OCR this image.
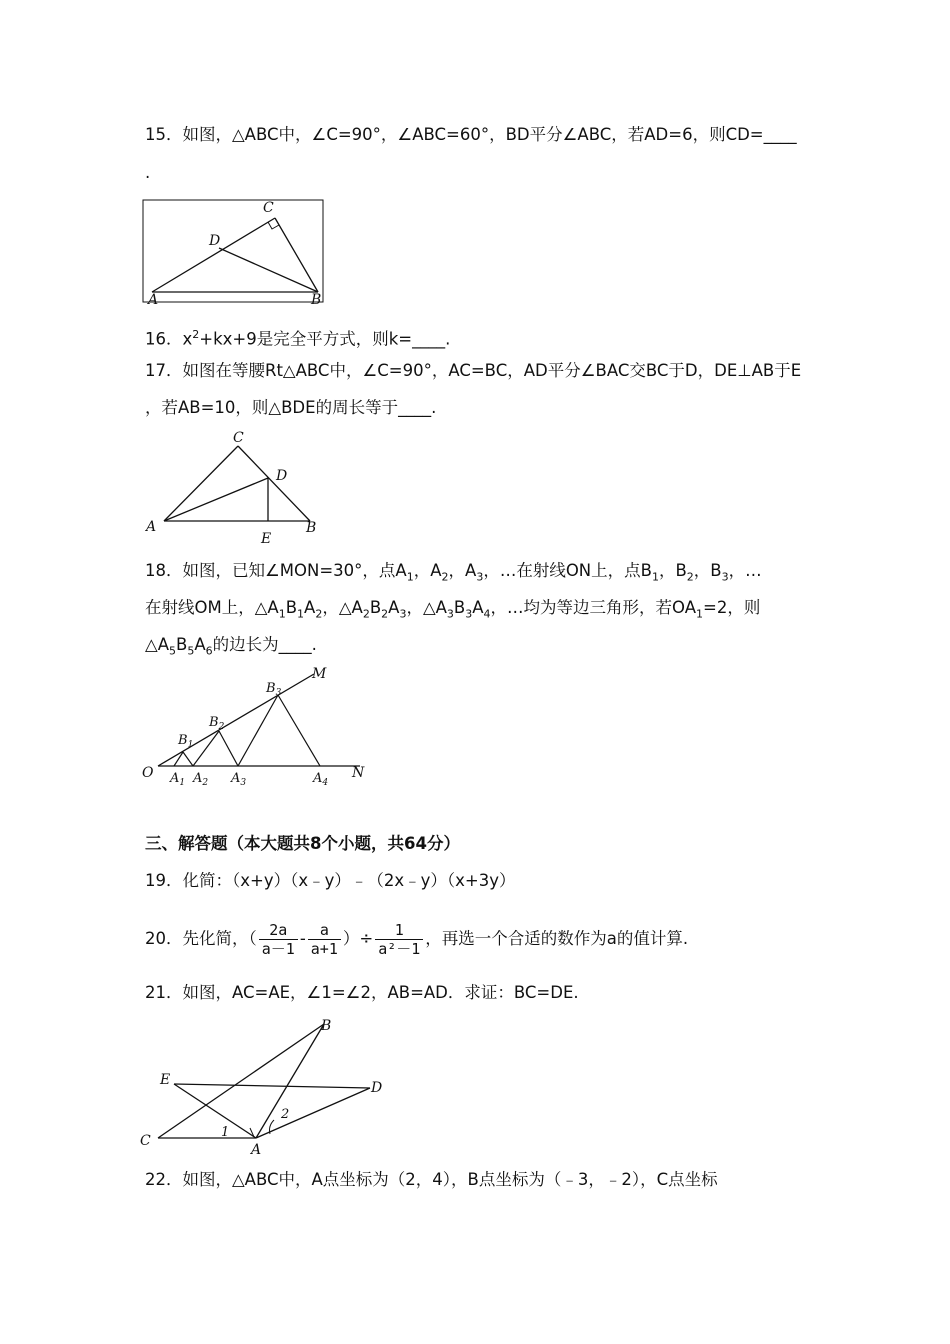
15．如图，△ABC中，∠C=90°，∠ABC=60°，BD平分∠ABC，若AD=6，则CD=____
.
A	B
C
D
16．$x^2+kx+9$是完全平方式，则k=____.
17．如图在等腰Rt△ABC中，∠C=90°，AC=BC，AD平分∠BAC交BC于D，DE⊥AB于E
，若AB=10，则△BDE的周长等于____.
A	B
C
D
E
18．如图，已知∠MON=30°，点$A_1$，$A_2$，$A_3$，…在射线ON上，点$B_1$，$B_2$，$B_3$，…
在射线OM上，$\triangle A_1B_1A_2$，$\triangle A_2B_2A_3$，$\triangle A_3B_3A_4$，…均为等边三角形，若$OA_1=2$，则
$\triangle A_5B_5A_6$的边长为____.
O
M
N
$A_1$ $A_2$ $A_3$	$A_4$
$B_1$
$B_2$
$B_3$
三、解答题（本大题共8个小题，共64分）
19．化简：（x+y）（x﹣y）﹣（2x﹣y）（x+3y）
20．先化简，（ $\frac{2a}{a-1} - \frac{a}{a+1}$ ）÷ $\frac{1}{\text{a²－1}}$ ，再选一个合适的数作为a的值计算.
21．如图，AC=AE，∠1=∠2，AB=AD．求证：BC=DE.
C
E
B
D
A
1
2
22．如图，△ABC中，A点坐标为（2，4），B点坐标为（﹣3，﹣2），C点坐标
